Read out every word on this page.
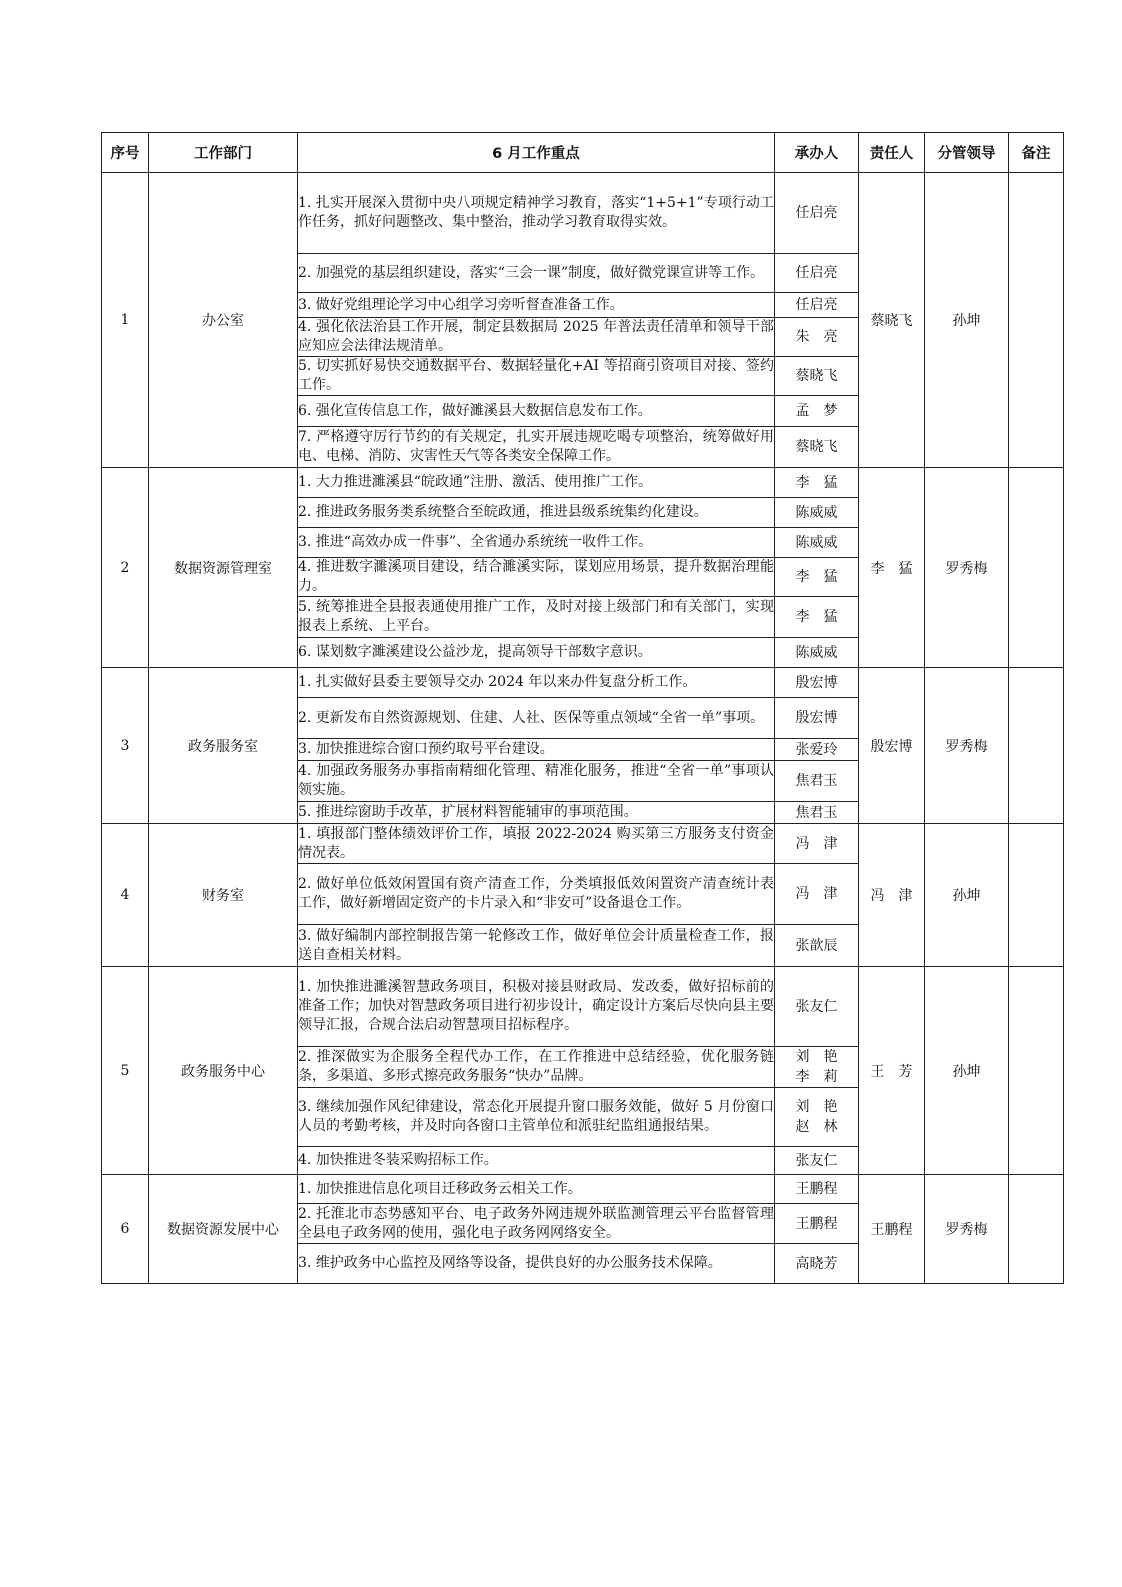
序号	工作部门	6 月工作重点	承办人	责任人	分管领导	备注
1	办公室	1. 扎实开展深入贯彻中央八项规定精神学习教育，落实“1+5+1”专项行动工作任务，抓好问题整改、集中整治，推动学习教育取得实效。	任启亮	蔡晓飞	孙坤	
		2. 加强党的基层组织建设，落实“三会一课”制度，做好微党课宣讲等工作。	任启亮			

		3. 做好党组理论学习中心组学习旁听督查准备工作。	任启亮			

		4. 强化依法治县工作开展，制定县数据局 2025 年普法责任清单和领导干部应知应会法律法规清单。	朱　亮			

		5. 切实抓好易快交通数据平台、数据轻量化+AI 等招商引资项目对接、签约工作。	蔡晓飞			

		6. 强化宣传信息工作，做好濉溪县大数据信息发布工作。	孟　梦			

		7. 严格遵守厉行节约的有关规定，扎实开展违规吃喝专项整治，统筹做好用电、电梯、消防、灾害性天气等各类安全保障工作。	蔡晓飞			

2	数据资源管理室	1. 大力推进濉溪县“皖政通”注册、激活、使用推广工作。	李　猛	李　猛	罗秀梅	
		2. 推进政务服务类系统整合至皖政通，推进县级系统集约化建设。	陈威威			

		3. 推进“高效办成一件事”、全省通办系统统一收件工作。	陈威威			

		4. 推进数字濉溪项目建设，结合濉溪实际，谋划应用场景，提升数据治理能力。	李　猛			

		5. 统筹推进全县报表通使用推广工作，及时对接上级部门和有关部门，实现报表上系统、上平台。	李　猛			

		6. 谋划数字濉溪建设公益沙龙，提高领导干部数字意识。	陈威威			

3	政务服务室	1. 扎实做好县委主要领导交办 2024 年以来办件复盘分析工作。	殷宏博	殷宏博	罗秀梅	
		2. 更新发布自然资源规划、住建、人社、医保等重点领域“全省一单”事项。	殷宏博			

		3. 加快推进综合窗口预约取号平台建设。	张爱玲			

		4. 加强政务服务办事指南精细化管理、精准化服务，推进“全省一单”事项认领实施。	焦君玉			

		5. 推进综窗助手改革，扩展材料智能辅审的事项范围。	焦君玉			

4	财务室	1. 填报部门整体绩效评价工作，填报 2022-2024 购买第三方服务支付资金情况表。	冯　津	冯　津	孙坤	
		2. 做好单位低效闲置国有资产清查工作，分类填报低效闲置资产清查统计表工作，做好新增固定资产的卡片录入和“非安可”设备退仓工作。	冯　津			

		3. 做好编制内部控制报告第一轮修改工作，做好单位会计质量检查工作，报送自查相关材料。	张歆辰			

5	政务服务中心	1. 加快推进濉溪智慧政务项目，积极对接县财政局、发改委，做好招标前的准备工作；加快对智慧政务项目进行初步设计，确定设计方案后尽快向县主要领导汇报，合规合法启动智慧项目招标程序。	张友仁	王　芳	孙坤	
		2. 推深做实为企服务全程代办工作，在工作推进中总结经验，优化服务链条，多渠道、多形式擦亮政务服务“快办”品牌。	刘　艳
李　莉			

		3. 继续加强作风纪律建设，常态化开展提升窗口服务效能，做好 5 月份窗口人员的考勤考核，并及时向各窗口主管单位和派驻纪监组通报结果。	刘　艳
赵　林			

		4. 加快推进冬装采购招标工作。	张友仁			

6	数据资源发展中心	1. 加快推进信息化项目迁移政务云相关工作。	王鹏程	王鹏程	罗秀梅	
		2. 托淮北市态势感知平台、电子政务外网违规外联监测管理云平台监督管理全县电子政务网的使用，强化电子政务网网络安全。	王鹏程			

		3. 维护政务中心监控及网络等设备，提供良好的办公服务技术保障。	高晓芳			
